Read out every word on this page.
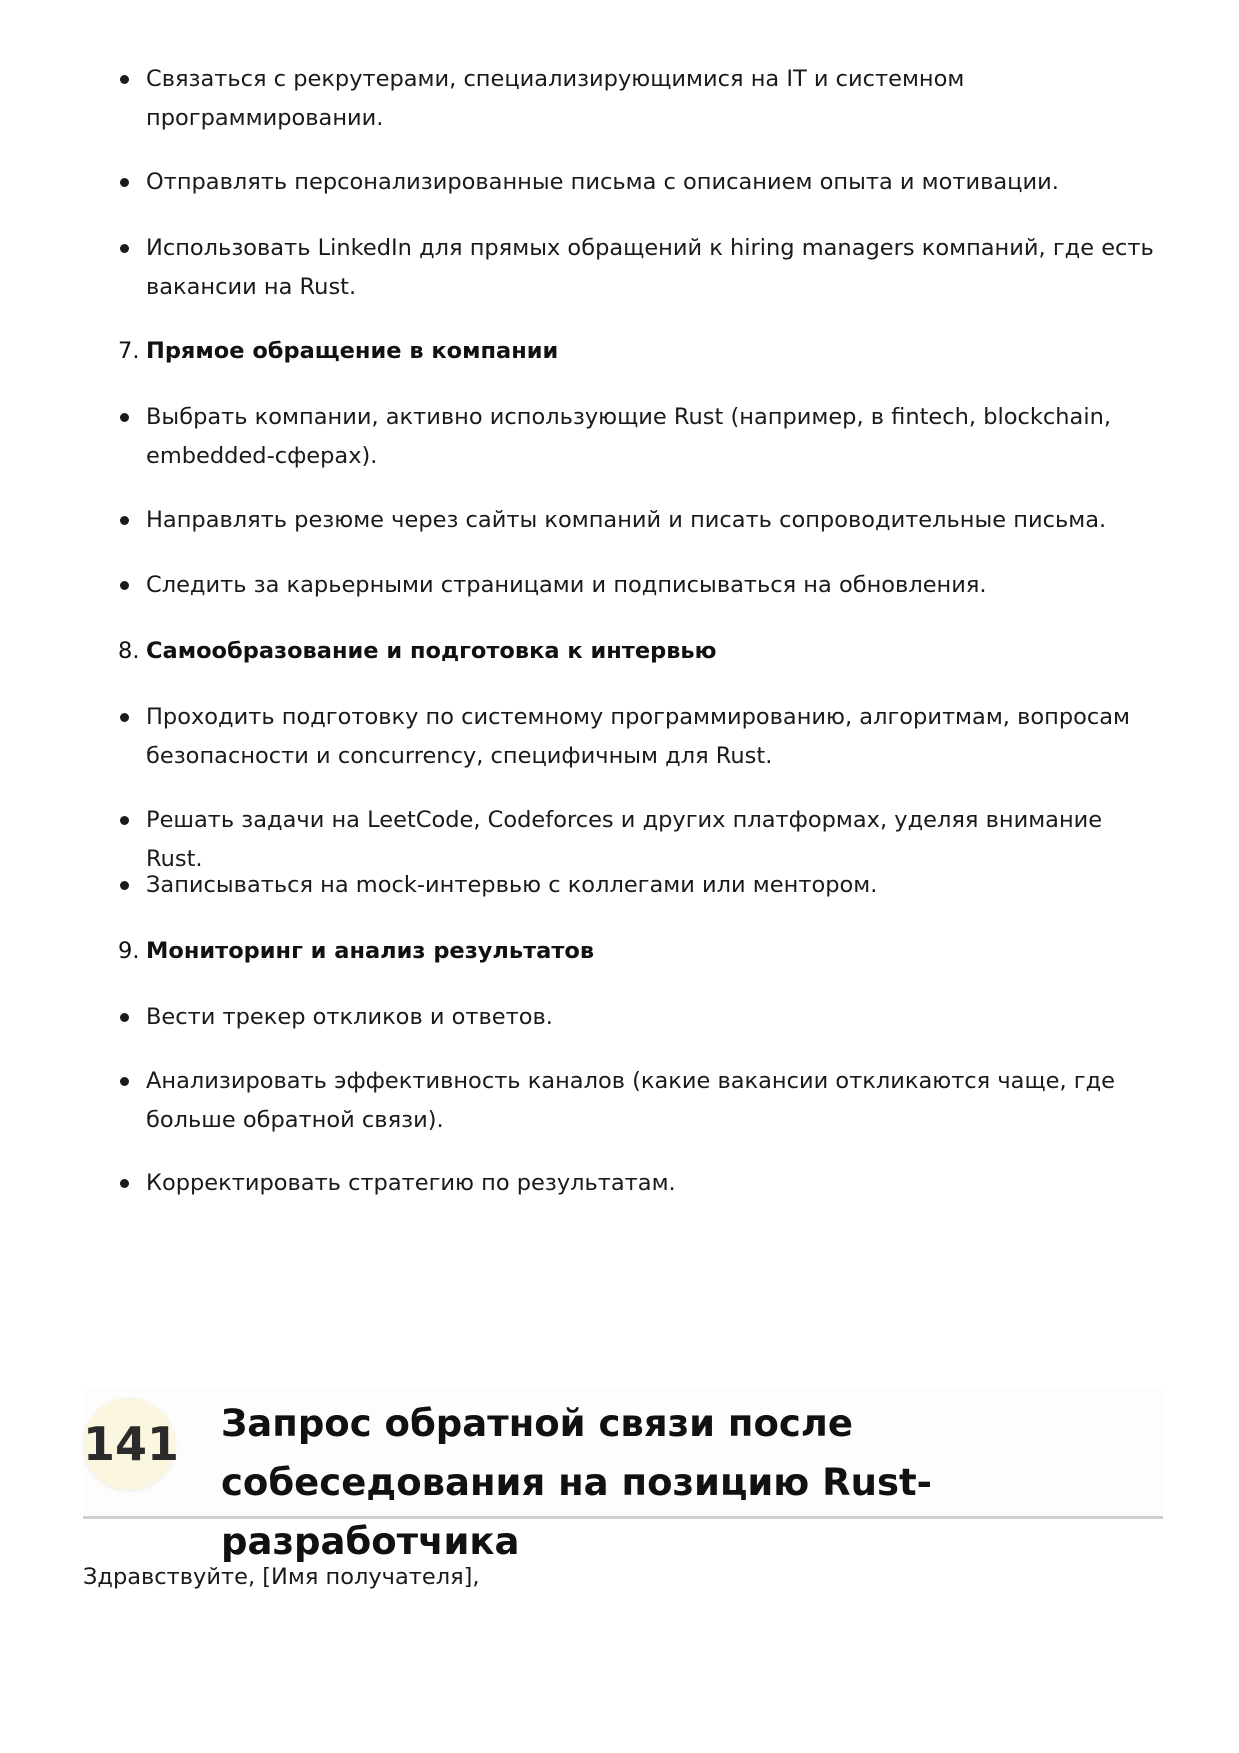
Связаться с рекрутерами, специализирующимися на IT и системном программировании.
Отправлять персонализированные письма с описанием опыта и мотивации.
Использовать LinkedIn для прямых обращений к hiring managers компаний, где есть вакансии на Rust.
7. Прямое обращение в компании
Выбрать компании, активно использующие Rust (например, в fintech, blockchain, embedded-сферах).
Направлять резюме через сайты компаний и писать сопроводительные письма.
Следить за карьерными страницами и подписываться на обновления.
8. Самообразование и подготовка к интервью
Проходить подготовку по системному программированию, алгоритмам, вопросам безопасности и concurrency, специфичным для Rust.
Решать задачи на LeetCode, Codeforces и других платформах, уделяя внимание Rust.
Записываться на mock-интервью с коллегами или ментором.
9. Мониторинг и анализ результатов
Вести трекер откликов и ответов.
Анализировать эффективность каналов (какие вакансии откликаются чаще, где больше обратной связи).
Корректировать стратегию по результатам.
141 Запрос обратной связи после собеседования на позицию Rust-разработчика
Здравствуйте, [Имя получателя],
